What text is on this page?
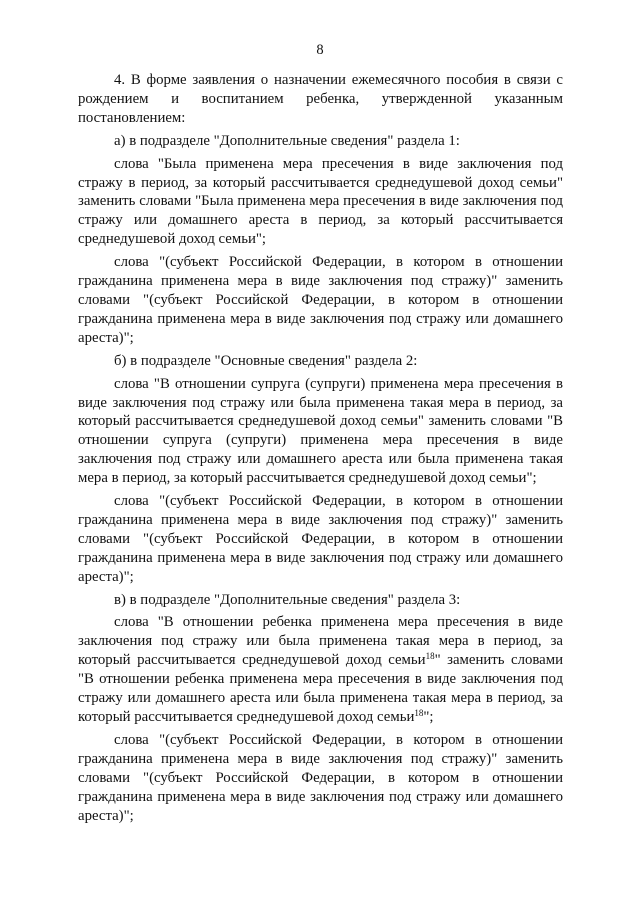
8

4. В форме заявления о назначении ежемесячного пособия в связи с рождением и воспитанием ребенка, утвержденной указанным постановлением:

а) в подразделе "Дополнительные сведения" раздела 1:

слова "Была применена мера пресечения в виде заключения под стражу в период, за который рассчитывается среднедушевой доход семьи" заменить словами "Была применена мера пресечения в виде заключения под стражу или домашнего ареста в период, за который рассчитывается среднедушевой доход семьи";

слова "(субъект Российской Федерации, в котором в отношении гражданина применена мера в виде заключения под стражу)" заменить словами "(субъект Российской Федерации, в котором в отношении гражданина применена мера в виде заключения под стражу или домашнего ареста)";

б) в подразделе "Основные сведения" раздела 2:

слова "В отношении супруга (супруги) применена мера пресечения в виде заключения под стражу или была применена такая мера в период, за который рассчитывается среднедушевой доход семьи" заменить словами "В отношении супруга (супруги) применена мера пресечения в виде заключения под стражу или домашнего ареста или была применена такая мера в период, за который рассчитывается среднедушевой доход семьи";

слова "(субъект Российской Федерации, в котором в отношении гражданина применена мера в виде заключения под стражу)" заменить словами "(субъект Российской Федерации, в котором в отношении гражданина применена мера в виде заключения под стражу или домашнего ареста)";

в) в подразделе "Дополнительные сведения" раздела 3:

слова "В отношении ребенка применена мера пресечения в виде заключения под стражу или была применена такая мера в период, за который рассчитывается среднедушевой доход семьи$^{18}$" заменить словами "В отношении ребенка применена мера пресечения в виде заключения под стражу или домашнего ареста или была применена такая мера в период, за который рассчитывается среднедушевой доход семьи$^{18}$";

слова "(субъект Российской Федерации, в котором в отношении гражданина применена мера в виде заключения под стражу)" заменить словами "(субъект Российской Федерации, в котором в отношении гражданина применена мера в виде заключения под стражу или домашнего ареста)";
